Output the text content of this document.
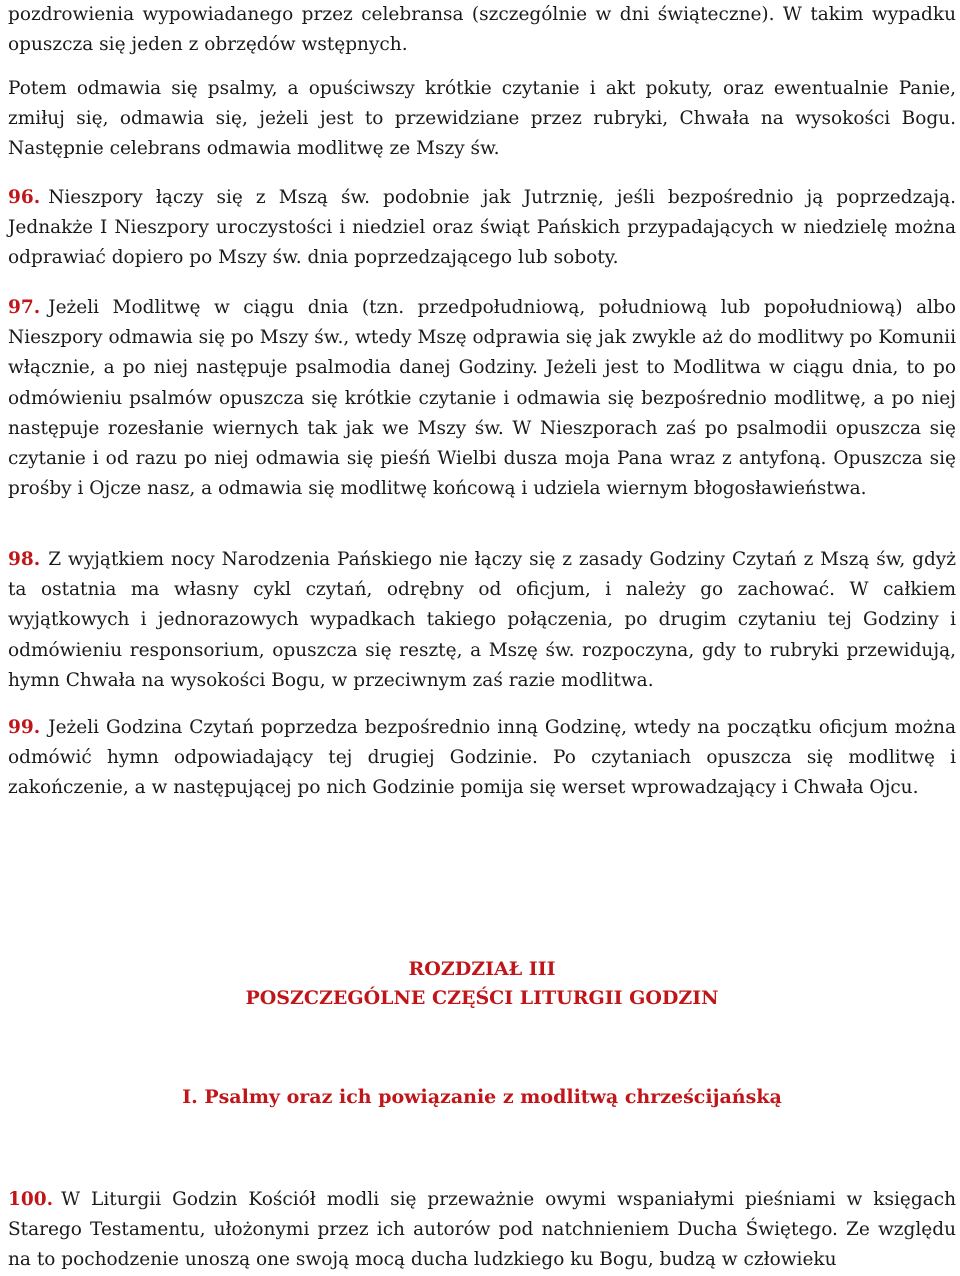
pozdrowienia wypowiadanego przez celebransa (szczególnie w dni świąteczne). W takim wypadku opuszcza się jeden z obrzędów wstępnych.

Potem odmawia się psalmy, a opuściwszy krótkie czytanie i akt pokuty, oraz ewentualnie Panie, zmiłuj się, odmawia się, jeżeli jest to przewidziane przez rubryki, Chwała na wysokości Bogu. Następnie celebrans odmawia modlitwę ze Mszy św.

96. Nieszpory łączy się z Mszą św. podobnie jak Jutrznię, jeśli bezpośrednio ją poprzedzają. Jednakże I Nieszpory uroczystości i niedziel oraz świąt Pańskich przypadających w niedzielę można odprawiać dopiero po Mszy św. dnia poprzedzającego lub soboty.

97. Jeżeli Modlitwę w ciągu dnia (tzn. przedpołudniową, południową lub popołudniową) albo Nieszpory odmawia się po Mszy św., wtedy Mszę odprawia się jak zwykle aż do modlitwy po Komunii włącznie, a po niej następuje psalmodia danej Godziny. Jeżeli jest to Modlitwa w ciągu dnia, to po odmówieniu psalmów opuszcza się krótkie czytanie i odmawia się bezpośrednio modlitwę, a po niej następuje rozesłanie wiernych tak jak we Mszy św. W Nieszporach zaś po psalmodii opuszcza się czytanie i od razu po niej odmawia się pieśń Wielbi dusza moja Pana wraz z antyfoną. Opuszcza się prośby i Ojcze nasz, a odmawia się modlitwę końcową i udziela wiernym błogosławieństwa.

98. Z wyjątkiem nocy Narodzenia Pańskiego nie łączy się z zasady Godziny Czytań z Mszą św, gdyż ta ostatnia ma własny cykl czytań, odrębny od oficjum, i należy go zachować. W całkiem wyjątkowych i jednorazowych wypadkach takiego połączenia, po drugim czytaniu tej Godziny i odmówieniu responsorium, opuszcza się resztę, a Mszę św. rozpoczyna, gdy to rubryki przewidują, hymn Chwała na wysokości Bogu, w przeciwnym zaś razie modlitwa.

99. Jeżeli Godzina Czytań poprzedza bezpośrednio inną Godzinę, wtedy na początku oficjum można odmówić hymn odpowiadający tej drugiej Godzinie. Po czytaniach opuszcza się modlitwę i zakończenie, a w następującej po nich Godzinie pomija się werset wprowadzający i Chwała Ojcu.

ROZDZIAŁ III
POSZCZEGÓLNE CZĘŚCI LITURGII GODZIN
I. Psalmy oraz ich powiązanie z modlitwą chrześcijańską

100. W Liturgii Godzin Kościół modli się przeważnie owymi wspaniałymi pieśniami w księgach Starego Testamentu, ułożonymi przez ich autorów pod natchnieniem Ducha Świętego. Ze względu na to pochodzenie unoszą one swoją mocą ducha ludzkiego ku Bogu, budzą w człowieku
